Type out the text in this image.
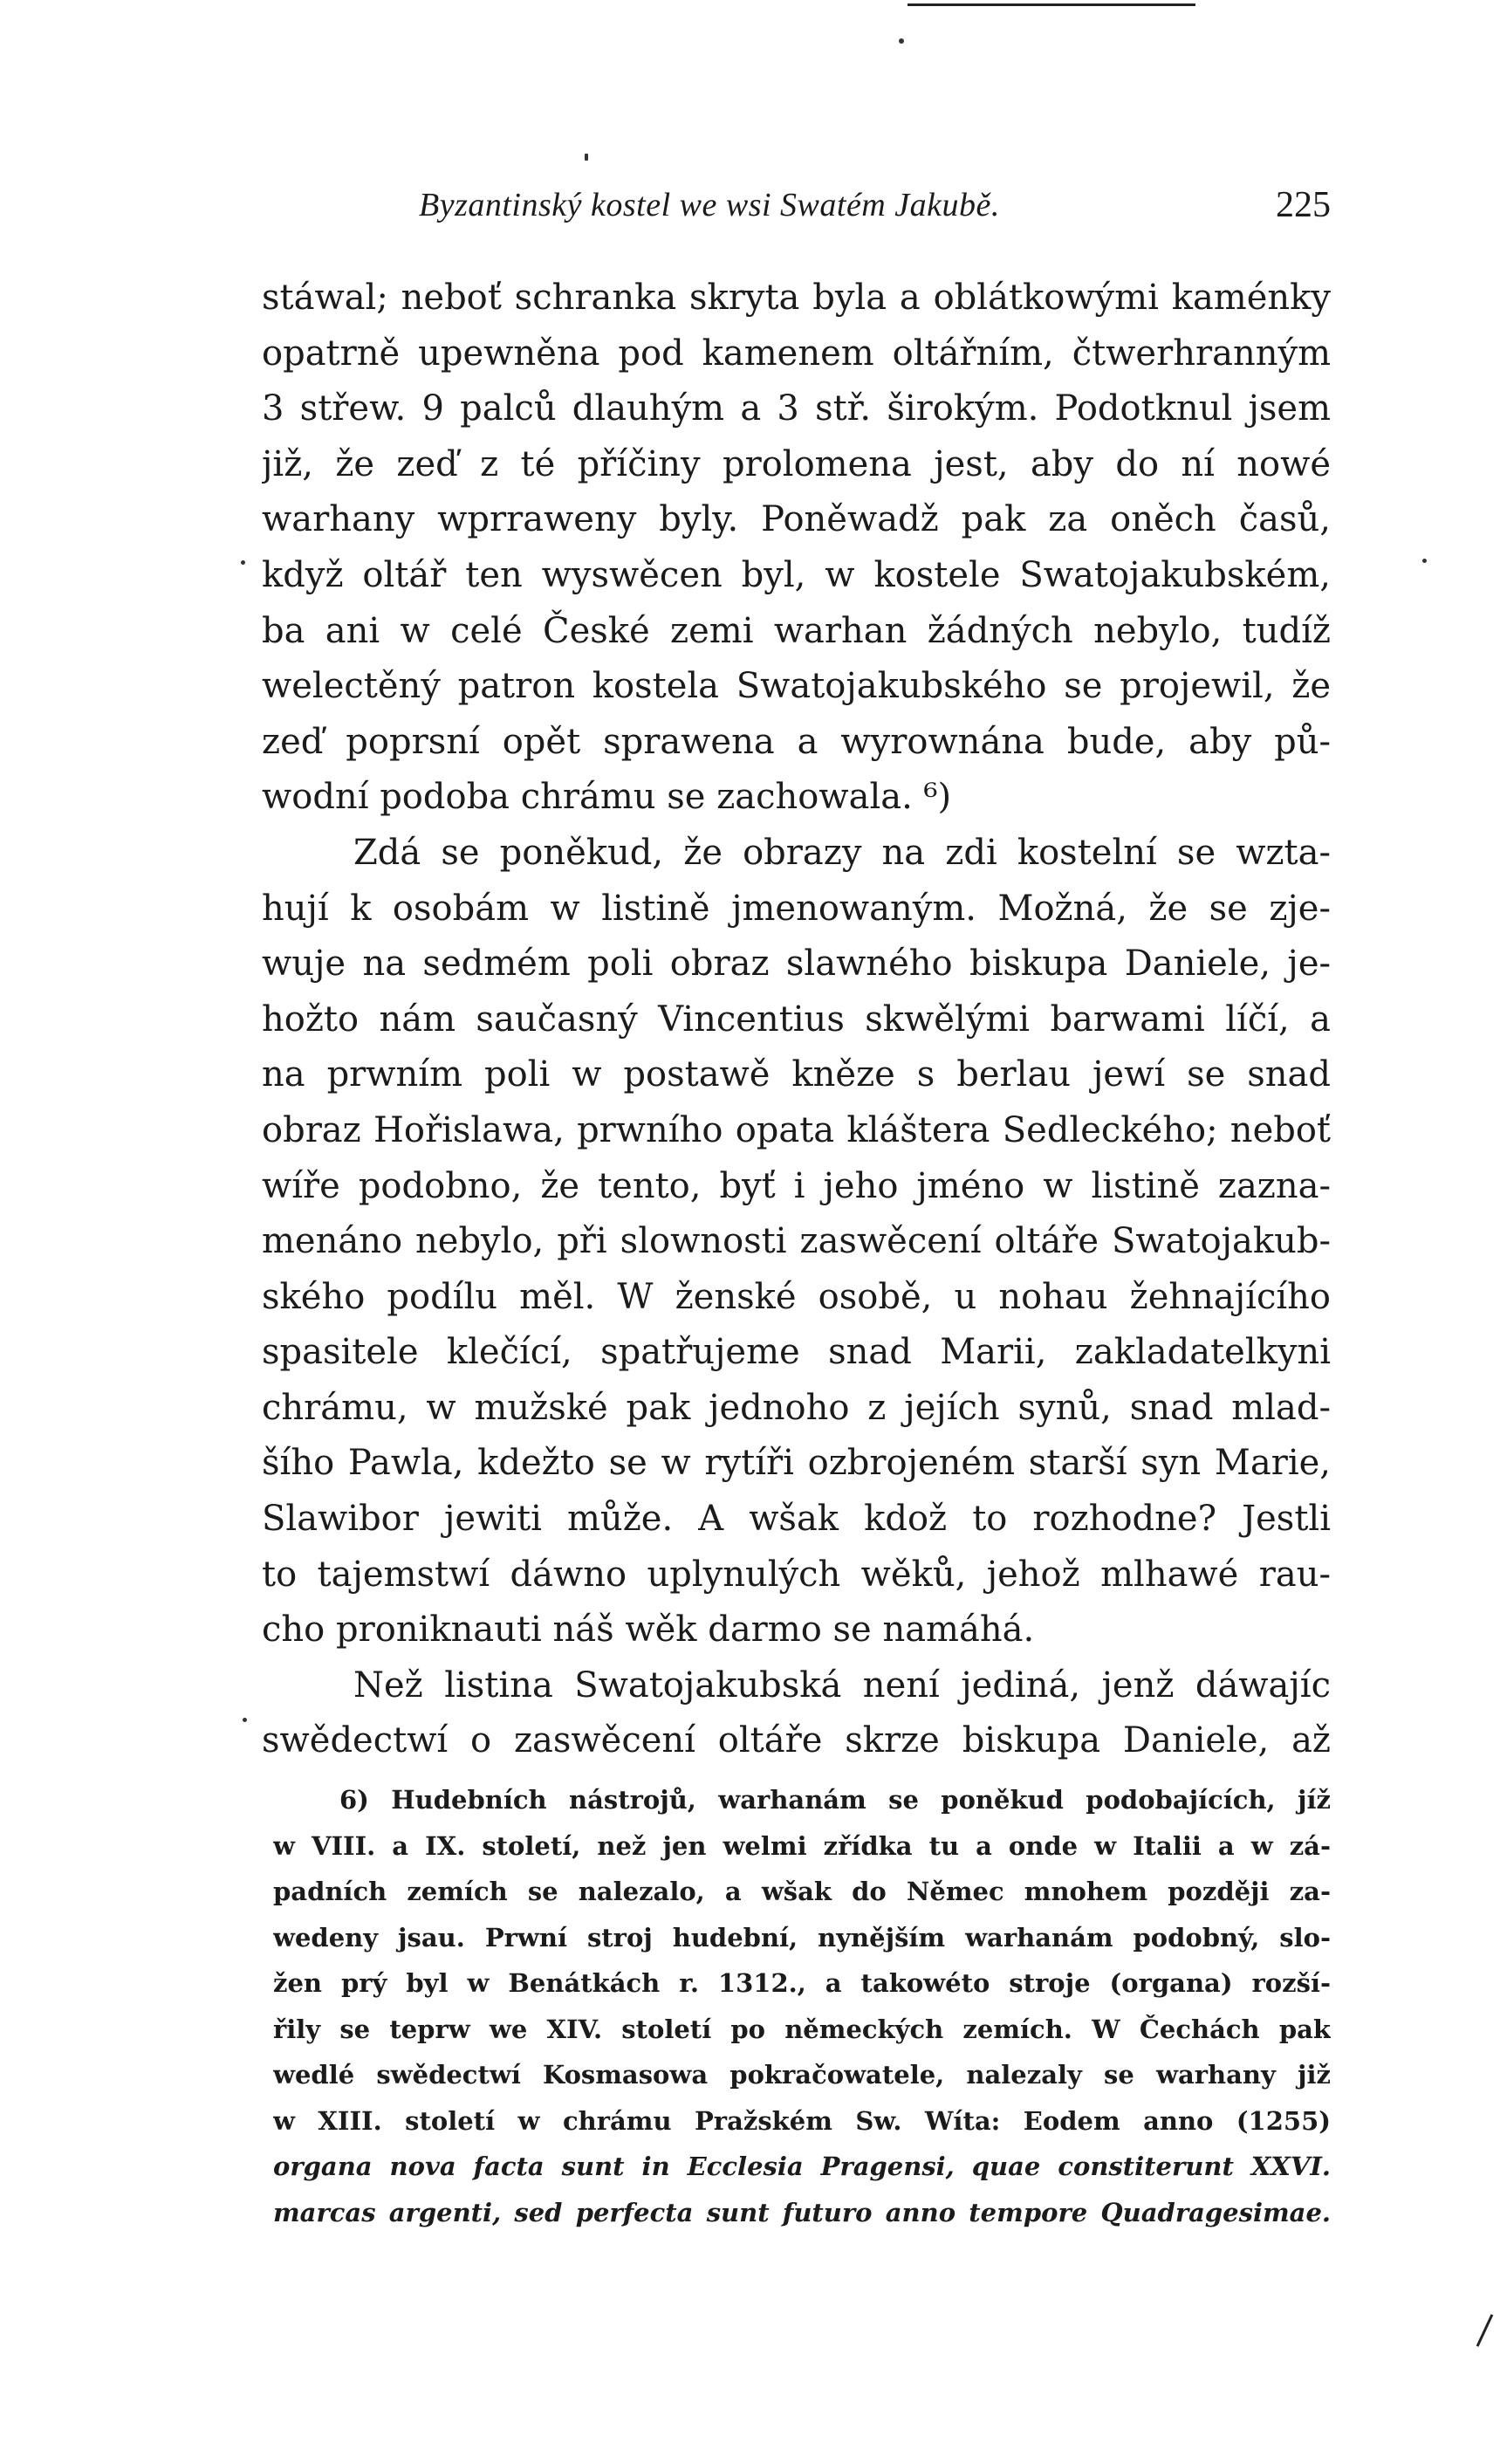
Byzantinský kostel we wsi Swatém Jakubě.	225
stáwal; neboť schranka skryta byla a oblátkowými kaménky
opatrně upewněna pod kamenem oltářním, čtwerhranným
3 střew. 9 palců dlauhým a 3 stř. širokým. Podotknul jsem
již, že zeď z té příčiny prolomena jest, aby do ní nowé
warhany wprraweny byly. Poněwadž pak za oněch časů,
když oltář ten wyswěcen byl, w kostele Swatojakubském,
ba ani w celé České zemi warhan žádných nebylo, tudíž
welectěný patron kostela Swatojakubského se projewil, že
zeď poprsní opět sprawena a wyrownána bude, aby pů-
wodní podoba chrámu se zachowala. ⁶)
Zdá se poněkud, že obrazy na zdi kostelní se wzta-
hují k osobám w listině jmenowaným. Možná, že se zje-
wuje na sedmém poli obraz slawného biskupa Daniele, je-
hožto nám saučasný Vincentius skwělými barwami líčí, a
na prwním poli w postawě kněze s berlau jewí se snad
obraz Hořislawa, prwního opata kláštera Sedleckého; neboť
wíře podobno, že tento, byť i jeho jméno w listině zazna-
menáno nebylo, při slownosti zaswěcení oltáře Swatojakub-
ského podílu měl. W ženské osobě, u nohau žehnajícího
spasitele klečící, spatřujeme snad Marii, zakladatelkyni
chrámu, w mužské pak jednoho z jejích synů, snad mlad-
šího Pawla, kdežto se w rytíři ozbrojeném starší syn Marie,
Slawibor jewiti může. A wšak kdož to rozhodne? Jestli
to tajemstwí dáwno uplynulých wěků, jehož mlhawé rau-
cho proniknauti náš wěk darmo se namáhá.
Než listina Swatojakubská není jediná, jenž dáwajíc
swědectwí o zaswěcení oltáře skrze biskupa Daniele, až
6) Hudebních nástrojů, warhanám se poněkud podobajících, jíž
w VIII. a IX. století, než jen welmi zřídka tu a onde w Italii a w zá-
padních zemích se nalezalo, a wšak do Němec mnohem později za-
wedeny jsau. Prwní stroj hudební, nynějším warhanám podobný, slo-
žen prý byl w Benátkách r. 1312., a takowéto stroje (organa) rozší-
řily se teprw we XIV. století po německých zemích. W Čechách pak
wedlé swědectwí Kosmasowa pokračowatele, nalezaly se warhany již
w XIII. století w chrámu Pražském Sw. Wíta: Eodem anno (1255)
organa nova facta sunt in Ecclesia Pragensi, quae constiterunt XXVI.
marcas argenti, sed perfecta sunt futuro anno tempore Quadragesimae.
